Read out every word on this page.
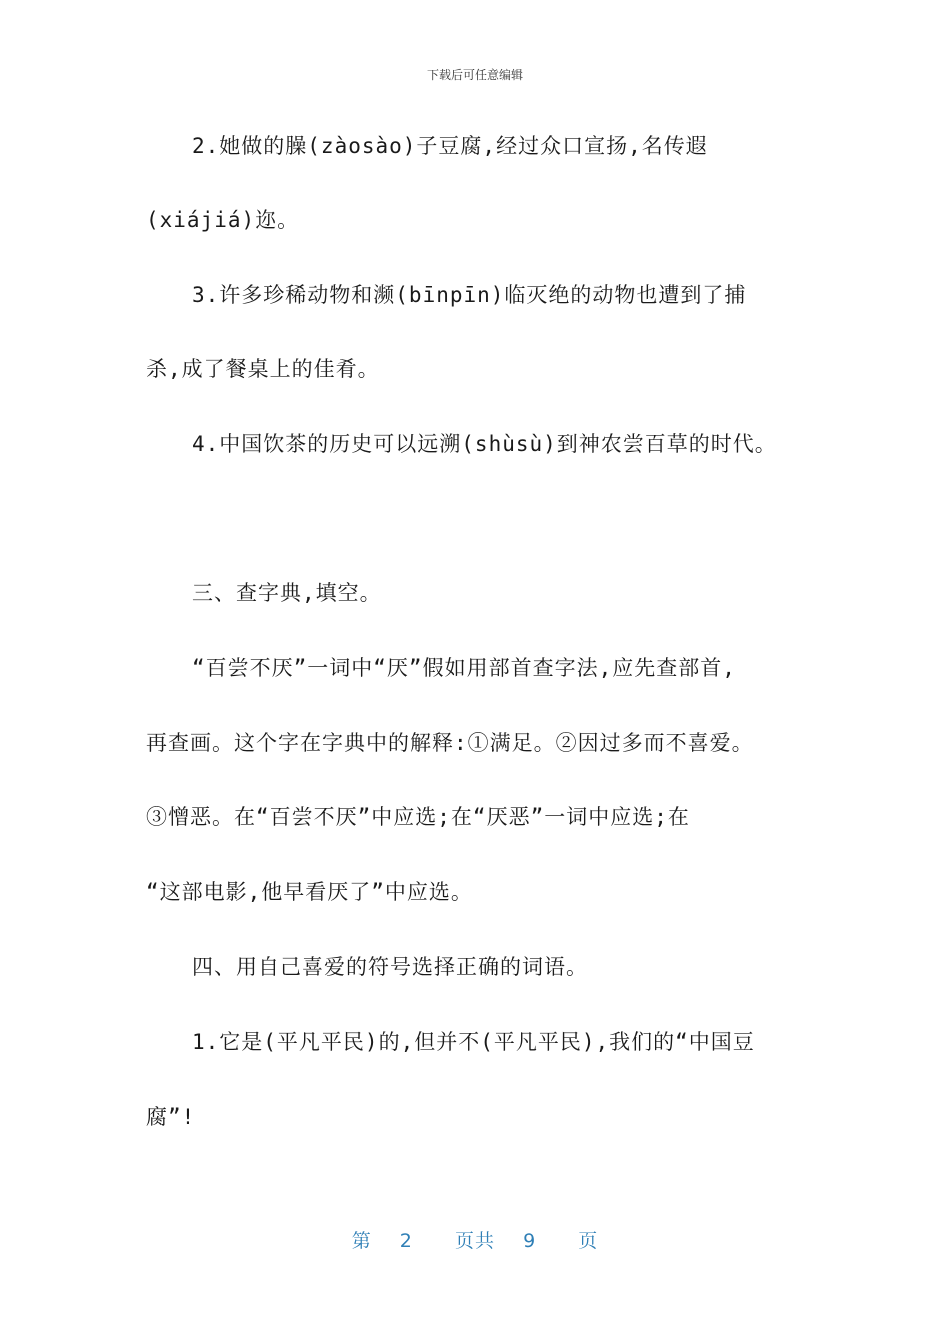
下载后可任意编辑
2.她做的臊(zàosào)子豆腐,经过众口宣扬,名传遐
(xiájiá)迩。
3.许多珍稀动物和濒(bīnpīn)临灭绝的动物也遭到了捕
杀,成了餐桌上的佳肴。
4.中国饮茶的历史可以远溯(shùsù)到神农尝百草的时代。
三、查字典,填空。
“百尝不厌”一词中“厌”假如用部首查字法,应先查部首,
再查画。这个字在字典中的解释:①满足。②因过多而不喜爱。
③憎恶。在“百尝不厌”中应选;在“厌恶”一词中应选;在
“这部电影,他早看厌了”中应选。
四、用自己喜爱的符号选择正确的词语。
1.它是(平凡平民)的,但并不(平凡平民),我们的“中国豆
腐”!
第 2 页共 9 页
